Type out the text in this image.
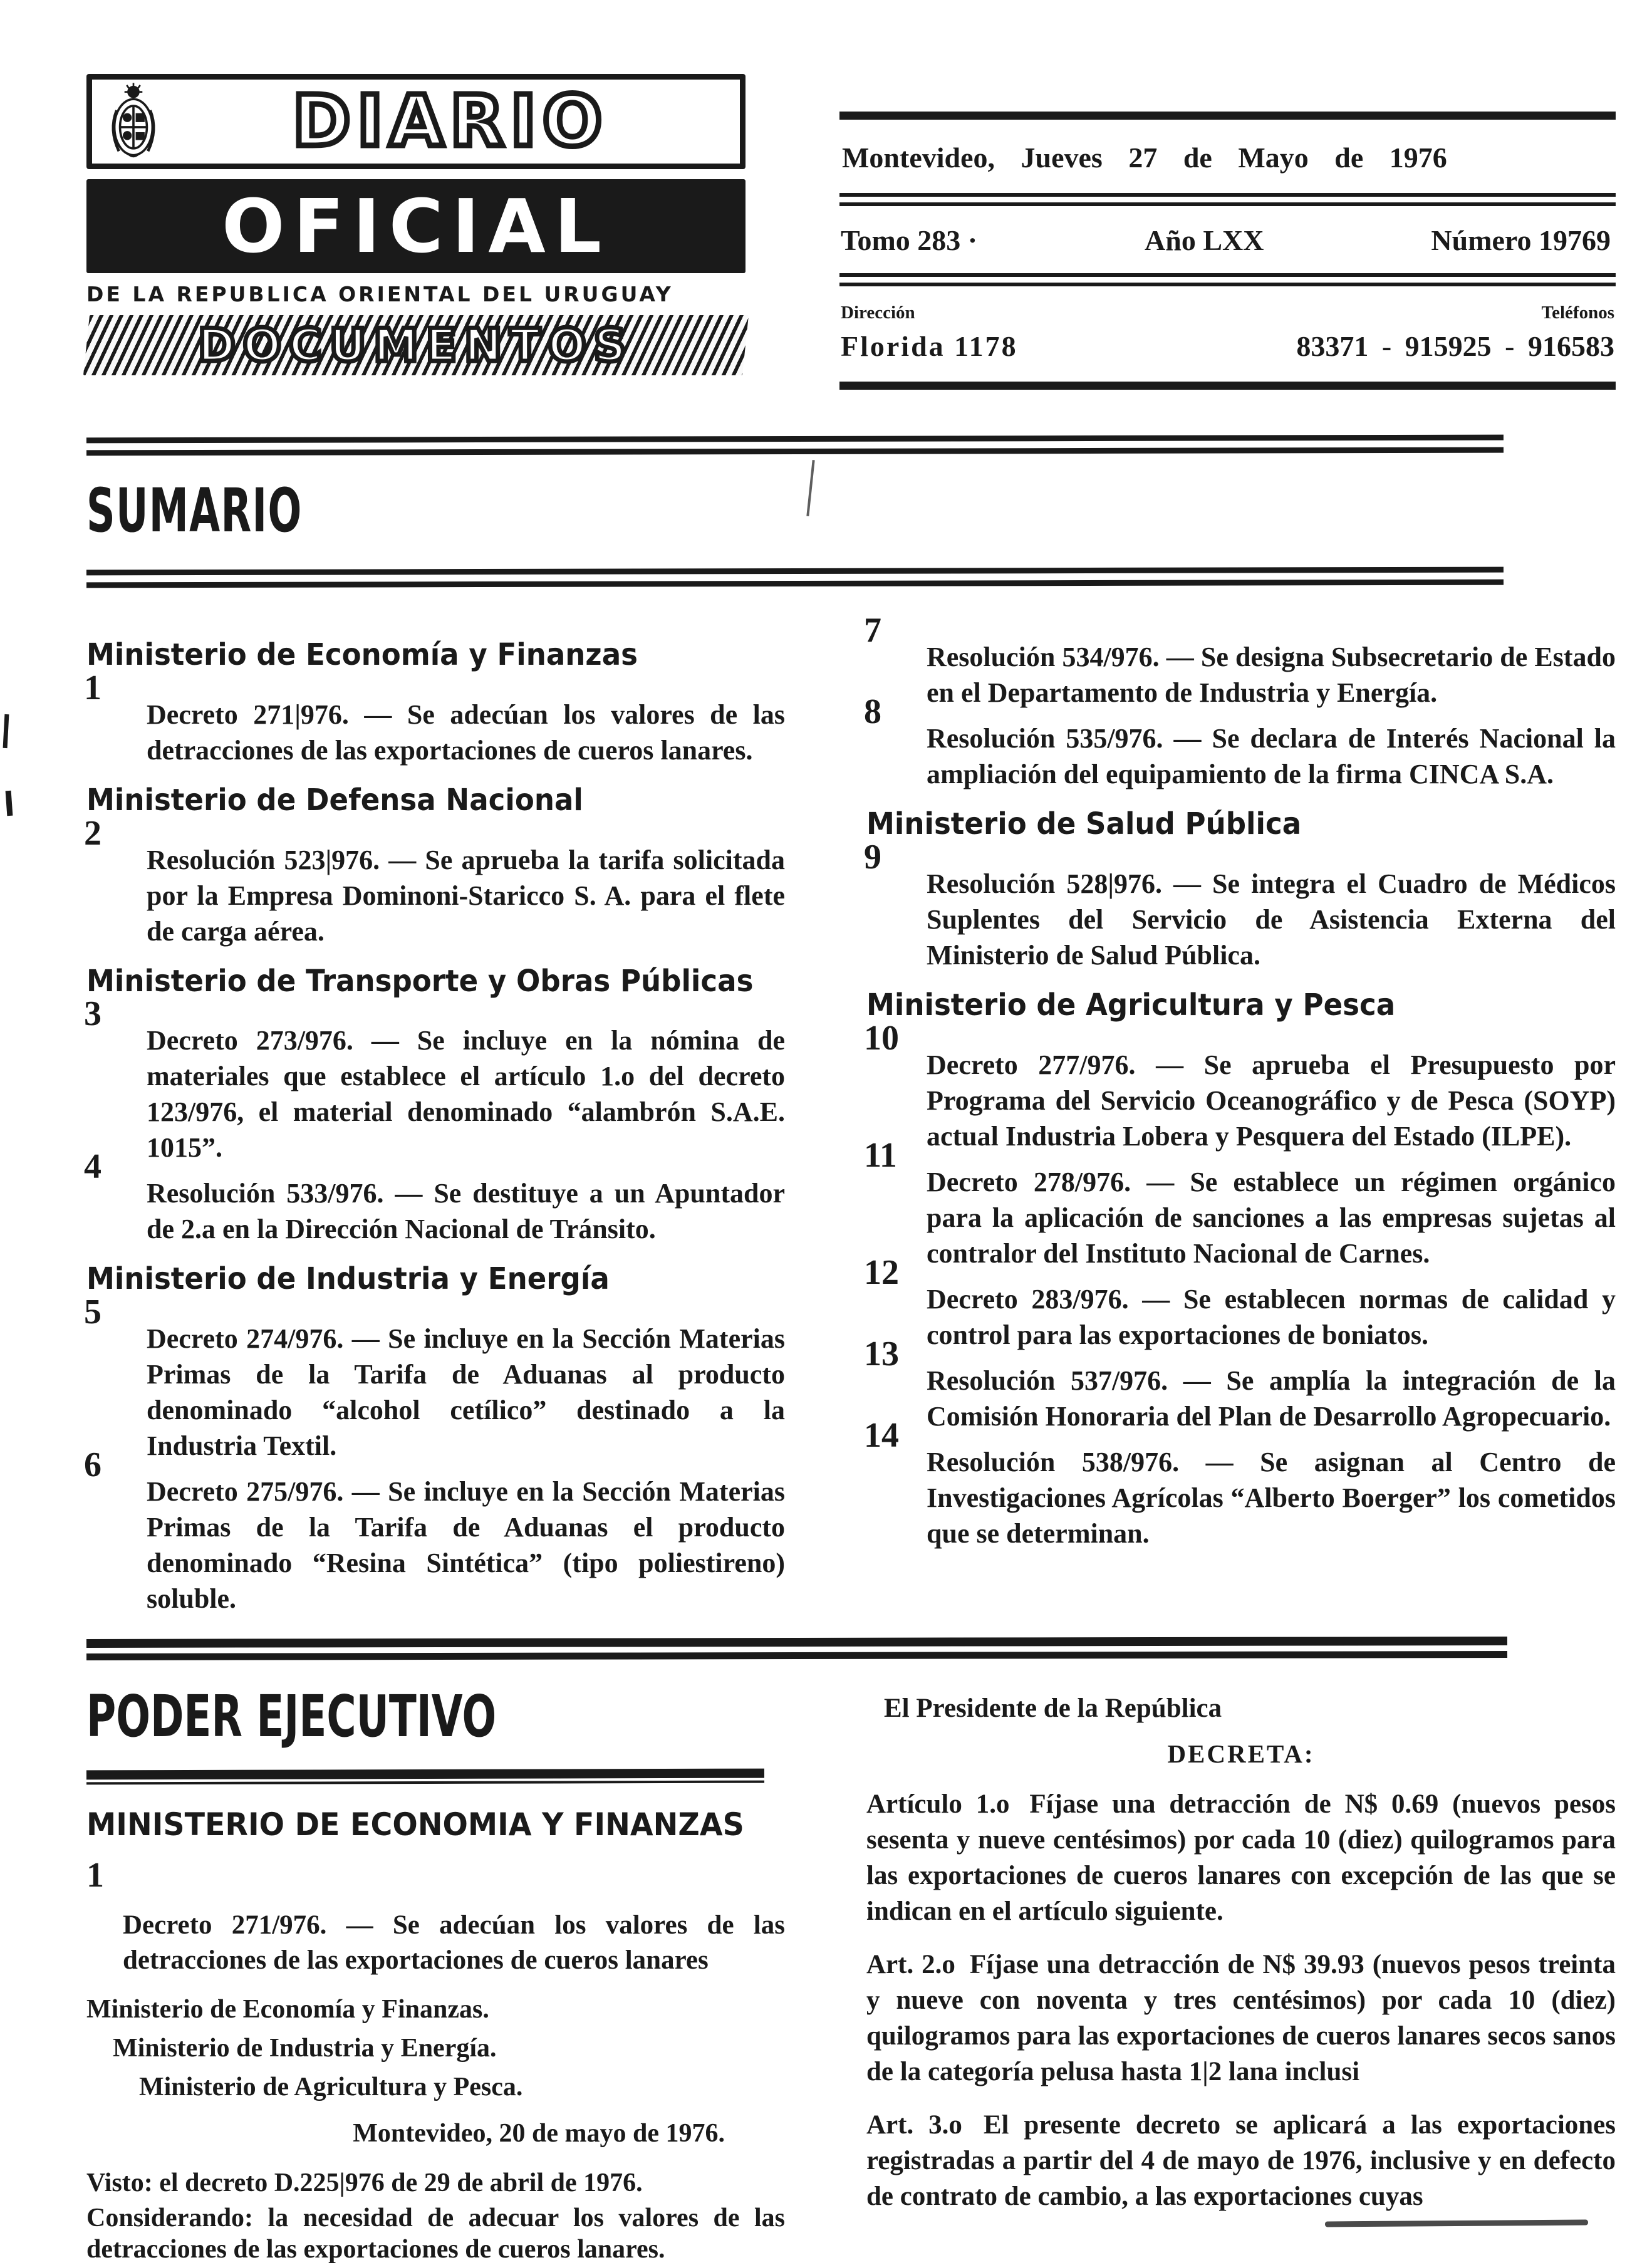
DIARIO
OFICIAL
DE LA REPUBLICA ORIENTAL DEL URUGUAY
DOCUMENTOS
Montevideo, Jueves 27 de Mayo de 1976
Tomo 283 ·	Año LXX	Número 19769
Dirección	Teléfonos
Florida 1178	83371 - 915925 - 916583
SUMARIO
Ministerio de Economía y Finanzas
1

Decreto 271|976. — Se adecúan los valores de las detracciones de las exportaciones de cueros lanares.

Ministerio de Defensa Nacional
2

Resolución 523|976. — Se aprueba la tarifa solicitada por la Empresa Dominoni-Staricco S. A. para el flete de carga aérea.

Ministerio de Transporte y Obras Públicas
3

Decreto 273/976. — Se incluye en la nómina de materiales que establece el artículo 1.o del decreto 123/976, el material denominado “alambrón S.A.E. 1015”.

4

Resolución 533/976. — Se destituye a un Apuntador de 2.a en la Dirección Nacional de Tránsito.

Ministerio de Industria y Energía
5

Decreto 274/976. — Se incluye en la Sección Materias Primas de la Tarifa de Aduanas al producto denominado “alcohol cetílico” destinado a la Industria Textil.

6

Decreto 275/976. — Se incluye en la Sección Materias Primas de la Tarifa de Aduanas el producto denominado “Resina Sintética” (tipo poliestireno) soluble.

7

Resolución 534/976. — Se designa Subsecretario de Estado en el Departamento de Industria y Energía.

8

Resolución 535/976. — Se declara de Interés Nacional la ampliación del equipamiento de la firma CINCA S.A.

Ministerio de Salud Pública
9

Resolución 528|976. — Se integra el Cuadro de Médicos Suplentes del Servicio de Asistencia Externa del Ministerio de Salud Pública.

Ministerio de Agricultura y Pesca
10

Decreto 277/976. — Se aprueba el Presupuesto por Programa del Servicio Oceanográfico y de Pesca (SOYP) actual Industria Lobera y Pesquera del Estado (ILPE).

11

Decreto 278/976. — Se establece un régimen orgánico para la aplicación de sanciones a las empresas sujetas al contralor del Instituto Nacional de Carnes.

12

Decreto 283/976. — Se establecen normas de calidad y control para las exportaciones de boniatos.

13

Resolución 537/976. — Se amplía la integración de la Comisión Honoraria del Plan de Desarrollo Agropecuario.

14

Resolución 538/976. — Se asignan al Centro de Investigaciones Agrícolas “Alberto Boerger” los cometidos que se determinan.

PODER EJECUTIVO
MINISTERIO DE ECONOMIA Y FINANZAS
1

Decreto 271/976. — Se adecúan los valores de las detracciones de las exportaciones de cueros lanares

Ministerio de Economía y Finanzas.

Ministerio de Industria y Energía.

Ministerio de Agricultura y Pesca.

Montevideo, 20 de mayo de 1976.

Visto: el decreto D.225|976 de 29 de abril de 1976.

Considerando: la necesidad de adecuar los valores de las detracciones de las exportaciones de cueros lanares.

El Presidente de la República

DECRETA:

Artículo 1.o Fíjase una detracción de N$ 0.69 (nuevos pesos sesenta y nueve centésimos) por cada 10 (diez) quilogramos para las exportaciones de cueros lanares con excepción de las que se indican en el artículo siguiente.

Art. 2.o Fíjase una detracción de N$ 39.93 (nuevos pesos treinta y nueve con noventa y tres centésimos) por cada 10 (diez) quilogramos para las exportaciones de cueros lanares secos sanos de la categoría pelusa hasta 1|2 lana inclusi

Art. 3.o El presente decreto se aplicará a las exportaciones registradas a partir del 4 de mayo de 1976, inclusive y en defecto de contrato de cambio, a las exportaciones cuyas
